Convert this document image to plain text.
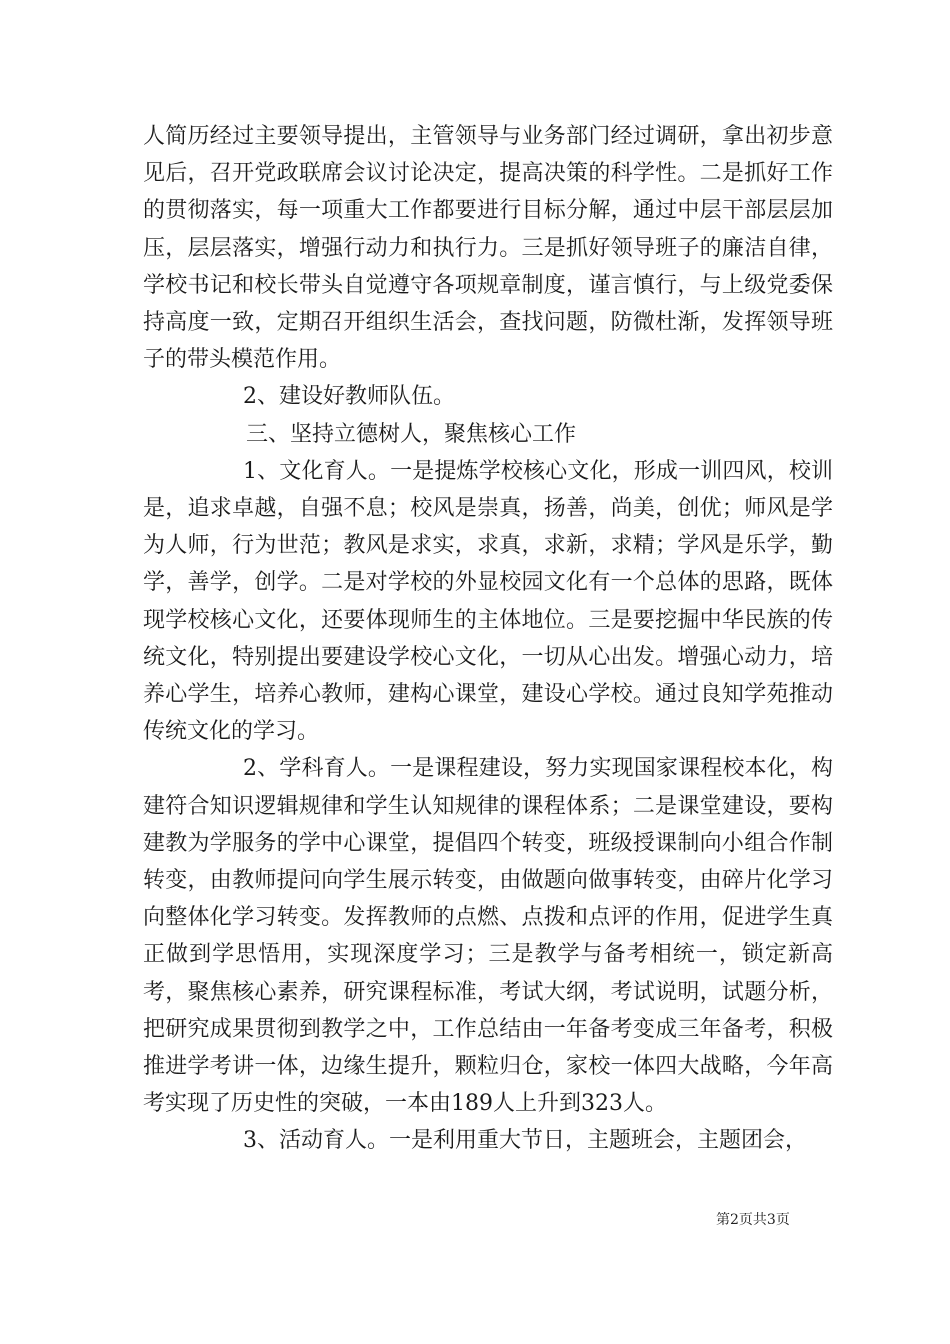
人简历经过主要领导提出，主管领导与业务部门经过调研，拿出初步意见后，召开党政联席会议讨论决定，提高决策的科学性。二是抓好工作的贯彻落实，每一项重大工作都要进行目标分解，通过中层干部层层加压，层层落实，增强行动力和执行力。三是抓好领导班子的廉洁自律，学校书记和校长带头自觉遵守各项规章制度，谨言慎行，与上级党委保持高度一致，定期召开组织生活会，查找问题，防微杜渐，发挥领导班子的带头模范作用。

2、建设好教师队伍。

三、坚持立德树人，聚焦核心工作

1、文化育人。一是提炼学校核心文化，形成一训四风，校训是，追求卓越，自强不息；校风是崇真，扬善，尚美，创优；师风是学为人师，行为世范；教风是求实，求真，求新，求精；学风是乐学，勤学，善学，创学。二是对学校的外显校园文化有一个总体的思路，既体现学校核心文化，还要体现师生的主体地位。三是要挖掘中华民族的传统文化，特别提出要建设学校心文化，一切从心出发。增强心动力，培养心学生，培养心教师，建构心课堂，建设心学校。通过良知学苑推动传统文化的学习。

2、学科育人。一是课程建设，努力实现国家课程校本化，构建符合知识逻辑规律和学生认知规律的课程体系；二是课堂建设，要构建教为学服务的学中心课堂，提倡四个转变，班级授课制向小组合作制转变，由教师提问向学生展示转变，由做题向做事转变，由碎片化学习向整体化学习转变。发挥教师的点燃、点拨和点评的作用，促进学生真正做到学思悟用，实现深度学习；三是教学与备考相统一，锁定新高考，聚焦核心素养，研究课程标准，考试大纲，考试说明，试题分析，把研究成果贯彻到教学之中，工作总结由一年备考变成三年备考，积极推进学考讲一体，边缘生提升，颗粒归仓，家校一体四大战略，今年高考实现了历史性的突破，一本由189人上升到323人。

3、活动育人。一是利用重大节日，主题班会，主题团会，

第2页共3页
